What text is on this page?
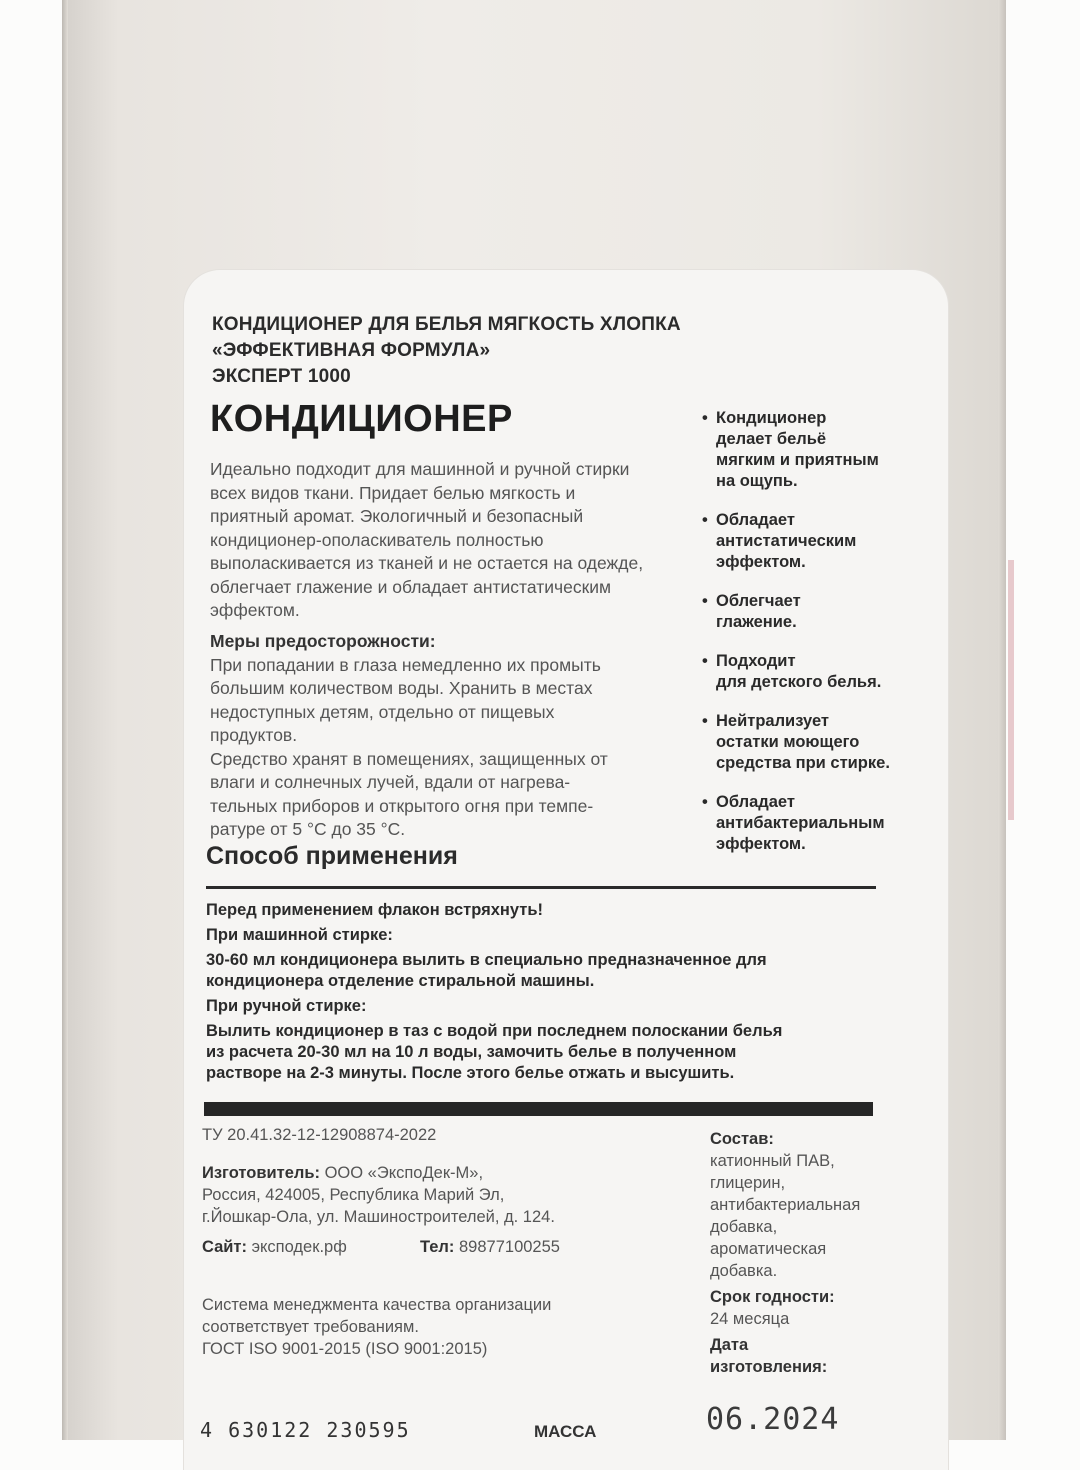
КОНДИЦИОНЕР ДЛЯ БЕЛЬЯ МЯГКОСТЬ ХЛОПКА
«ЭФФЕКТИВНАЯ ФОРМУЛА»
ЭКСПЕРТ 1000
КОНДИЦИОНЕР
Идеально подходит для машинной и ручной стирки
всех видов ткани. Придает белью мягкость и
приятный аромат. Экологичный и безопасный
кондиционер-ополаскиватель полностью
выполаскивается из тканей и не остается на одежде,
облегчает глажение и обладает антистатическим
эффектом.
Меры предосторожности:
При попадании в глаза немедленно их промыть
большим количеством воды. Хранить в местах
недоступных детям, отдельно от пищевых
продуктов.
Средство хранят в помещениях, защищенных от
влаги и солнечных лучей, вдали от нагрева-
тельных приборов и открытого огня при темпе-
ратуре от 5 °С до 35 °С.
• Кондиционер
делает бельё
мягким и приятным
на ощупь.
• Обладает
антистатическим
эффектом.
• Облегчает
глажение.
• Подходит
для детского белья.
• Нейтрализует
остатки моющего
средства при стирке.
• Обладает
антибактериальным
эффектом.
Способ применения
Перед применением флакон встряхнуть!
При машинной стирке:
30-60 мл кондиционера вылить в специально предназначенное для
кондиционера отделение стиральной машины.
При ручной стирке:
Вылить кондиционер в таз с водой при последнем полоскании белья
из расчета 20-30 мл на 10 л воды, замочить белье в полученном
растворе на 2-3 минуты. После этого белье отжать и высушить.
ТУ 20.41.32-12-12908874-2022
Изготовитель: ООО «ЭкспоДек-М»,
Россия, 424005, Республика Марий Эл,
г.Йошкар-Ола, ул. Машиностроителей, д. 124.
Сайт: эксподек.рф	Тел: 89877100255
Система менеджмента качества организации
соответствует требованиям.
ГОСТ ISO 9001-2015 (ISO 9001:2015)
Состав:
катионный ПАВ,
глицерин,
антибактериальная
добавка,
ароматическая
добавка.
Срок годности:
24 месяца
Дата
изготовления:
06.2024
4 630122 230595	МАССА
